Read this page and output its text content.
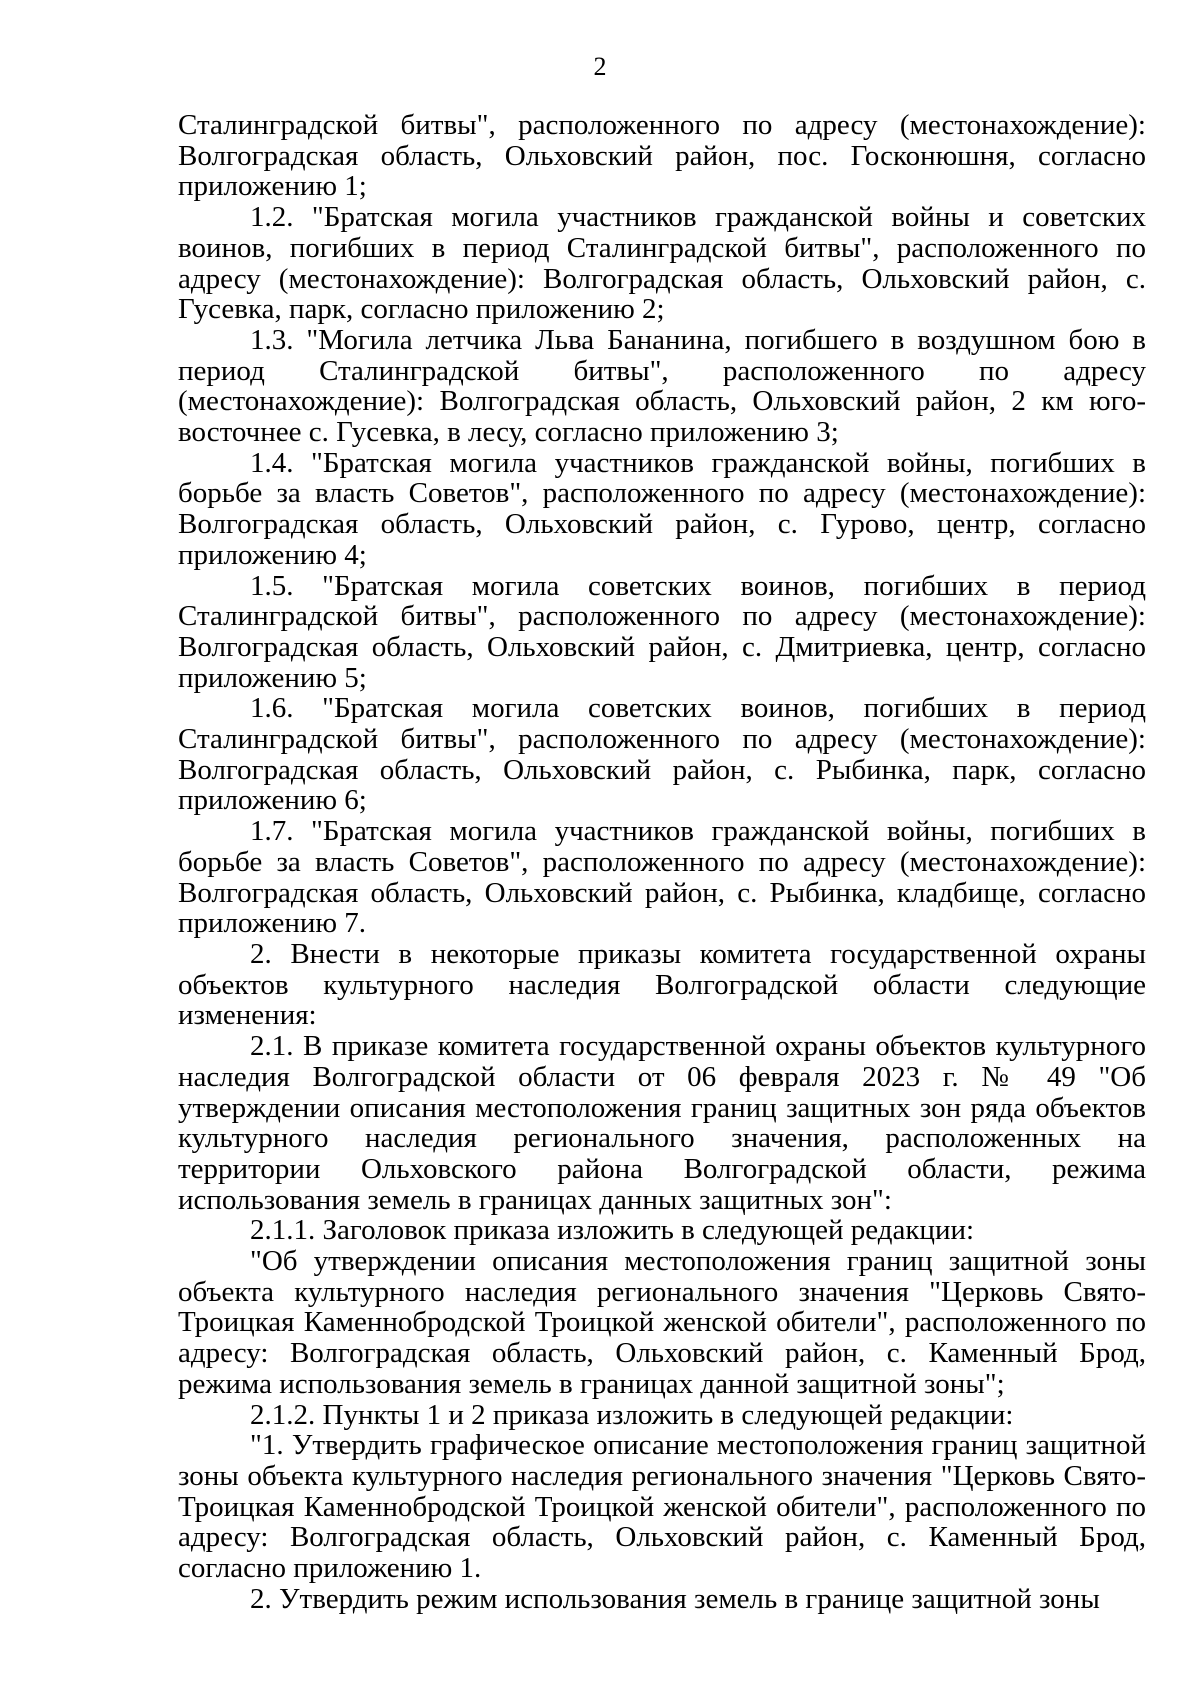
2

Сталинградской битвы", расположенного по адресу (местонахождение): Волгоградская область, Ольховский район, пос. Госконюшня, согласно приложению 1;

1.2. "Братская могила участников гражданской войны и советских воинов, погибших в период Сталинградской битвы", расположенного по адресу (местонахождение): Волгоградская область, Ольховский район, с. Гусевка, парк, согласно приложению 2;

1.3. "Могила летчика Льва Бананина, погибшего в воздушном бою в период Сталинградской битвы", расположенного по адресу (местонахождение): Волгоградская область, Ольховский район, 2 км юго-восточнее с. Гусевка, в лесу, согласно приложению 3;

1.4. "Братская могила участников гражданской войны, погибших в борьбе за власть Советов", расположенного по адресу (местонахождение): Волгоградская область, Ольховский район, с. Гурово, центр, согласно приложению 4;

1.5. "Братская могила советских воинов, погибших в период Сталинградской битвы", расположенного по адресу (местонахождение): Волгоградская область, Ольховский район, с. Дмитриевка, центр, согласно приложению 5;

1.6. "Братская могила советских воинов, погибших в период Сталинградской битвы", расположенного по адресу (местонахождение): Волгоградская область, Ольховский район, с. Рыбинка, парк, согласно приложению 6;

1.7. "Братская могила участников гражданской войны, погибших в борьбе за власть Советов", расположенного по адресу (местонахождение): Волгоградская область, Ольховский район, с. Рыбинка, кладбище, согласно приложению 7.

2. Внести в некоторые приказы комитета государственной охраны объектов культурного наследия Волгоградской области следующие изменения:

2.1. В приказе комитета государственной охраны объектов культурного наследия Волгоградской области от 06 февраля 2023 г. № 49 "Об утверждении описания местоположения границ защитных зон ряда объектов культурного наследия регионального значения, расположенных на территории Ольховского района Волгоградской области, режима использования земель в границах данных защитных зон":

2.1.1. Заголовок приказа изложить в следующей редакции:

"Об утверждении описания местоположения границ защитной зоны объекта культурного наследия регионального значения "Церковь Свято-Троицкая Каменнобродской Троицкой женской обители", расположенного по адресу: Волгоградская область, Ольховский район, с. Каменный Брод, режима использования земель в границах данной защитной зоны";

2.1.2. Пункты 1 и 2 приказа изложить в следующей редакции:

"1. Утвердить графическое описание местоположения границ защитной зоны объекта культурного наследия регионального значения "Церковь Свято-Троицкая Каменнобродской Троицкой женской обители", расположенного по адресу: Волгоградская область, Ольховский район, с. Каменный Брод, согласно приложению 1.

2. Утвердить режим использования земель в границе защитной зоны
